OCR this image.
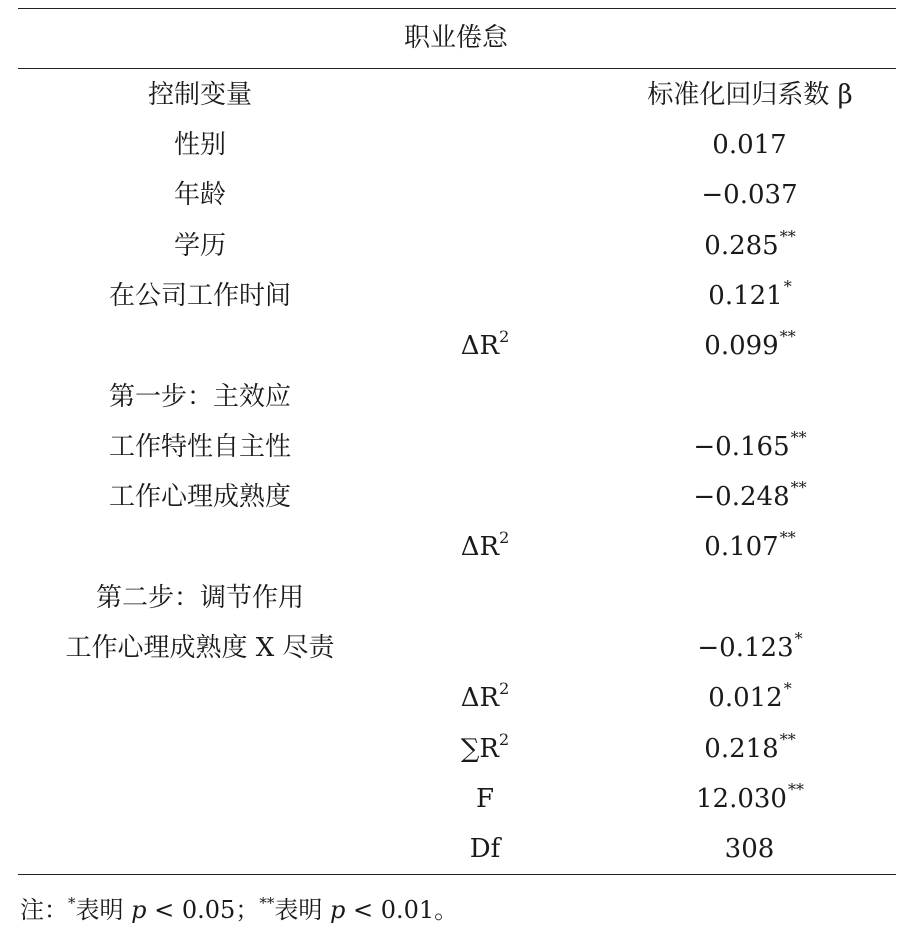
职业倦怠
控制变量	标准化回归系数 β
性别	0.017
年龄	−0.037
学历	0.285**
在公司工作时间	0.121*
$\Delta R^2$	0.099**
第一步：主效应
工作特性自主性	−0.165**
工作心理成熟度	−0.248**
$\Delta R^2$	0.107**
第二步：调节作用
工作心理成熟度 X 尽责	−0.123*
$\Delta R^2$	0.012*
$\sum R^2$	0.218**
F	12.030**
Df	308
注：*表明 p < 0.05；**表明 p < 0.01。
